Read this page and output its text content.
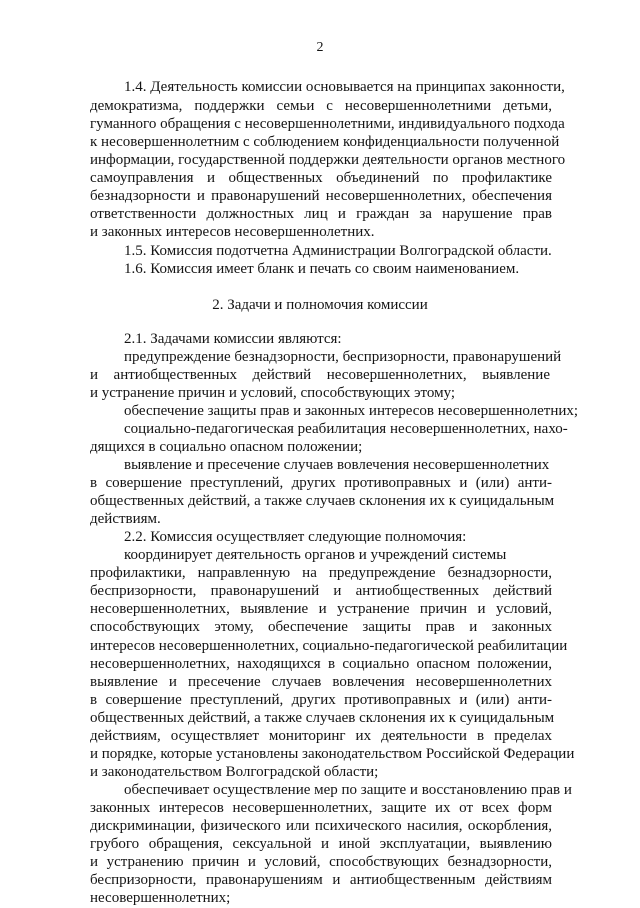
2
1.4. Деятельность комиссии основывается на принципах законности,
демократизма, поддержки семьи с несовершеннолетними детьми,
гуманного обращения с несовершеннолетними, индивидуального подхода
к несовершеннолетним с соблюдением конфиденциальности полученной
информации, государственной поддержки деятельности органов местного
самоуправления и общественных объединений по профилактике
безнадзорности и правонарушений несовершеннолетних, обеспечения
ответственности должностных лиц и граждан за нарушение прав
и законных интересов несовершеннолетних.
1.5. Комиссия подотчетна Администрации Волгоградской области.
1.6. Комиссия имеет бланк и печать со своим наименованием.
2. Задачи и полномочия комиссии
2.1. Задачами комиссии являются:
предупреждение безнадзорности, беспризорности, правонарушений
и антиобщественных действий несовершеннолетних, выявление
и устранение причин и условий, способствующих этому;
обеспечение защиты прав и законных интересов несовершеннолетних;
социально-педагогическая реабилитация несовершеннолетних, нахо-
дящихся в социально опасном положении;
выявление и пресечение случаев вовлечения несовершеннолетних
в совершение преступлений, других противоправных и (или) анти-
общественных действий, а также случаев склонения их к суицидальным
действиям.
2.2. Комиссия осуществляет следующие полномочия:
координирует деятельность органов и учреждений системы
профилактики, направленную на предупреждение безнадзорности,
беспризорности, правонарушений и антиобщественных действий
несовершеннолетних, выявление и устранение причин и условий,
способствующих этому, обеспечение защиты прав и законных
интересов несовершеннолетних, социально-педагогической реабилитации
несовершеннолетних, находящихся в социально опасном положении,
выявление и пресечение случаев вовлечения несовершеннолетних
в совершение преступлений, других противоправных и (или) анти-
общественных действий, а также случаев склонения их к суицидальным
действиям, осуществляет мониторинг их деятельности в пределах
и порядке, которые установлены законодательством Российской Федерации
и законодательством Волгоградской области;
обеспечивает осуществление мер по защите и восстановлению прав и
законных интересов несовершеннолетних, защите их от всех форм
дискриминации, физического или психического насилия, оскорбления,
грубого обращения, сексуальной и иной эксплуатации, выявлению
и устранению причин и условий, способствующих безнадзорности,
беспризорности, правонарушениям и антиобщественным действиям
несовершеннолетних;
